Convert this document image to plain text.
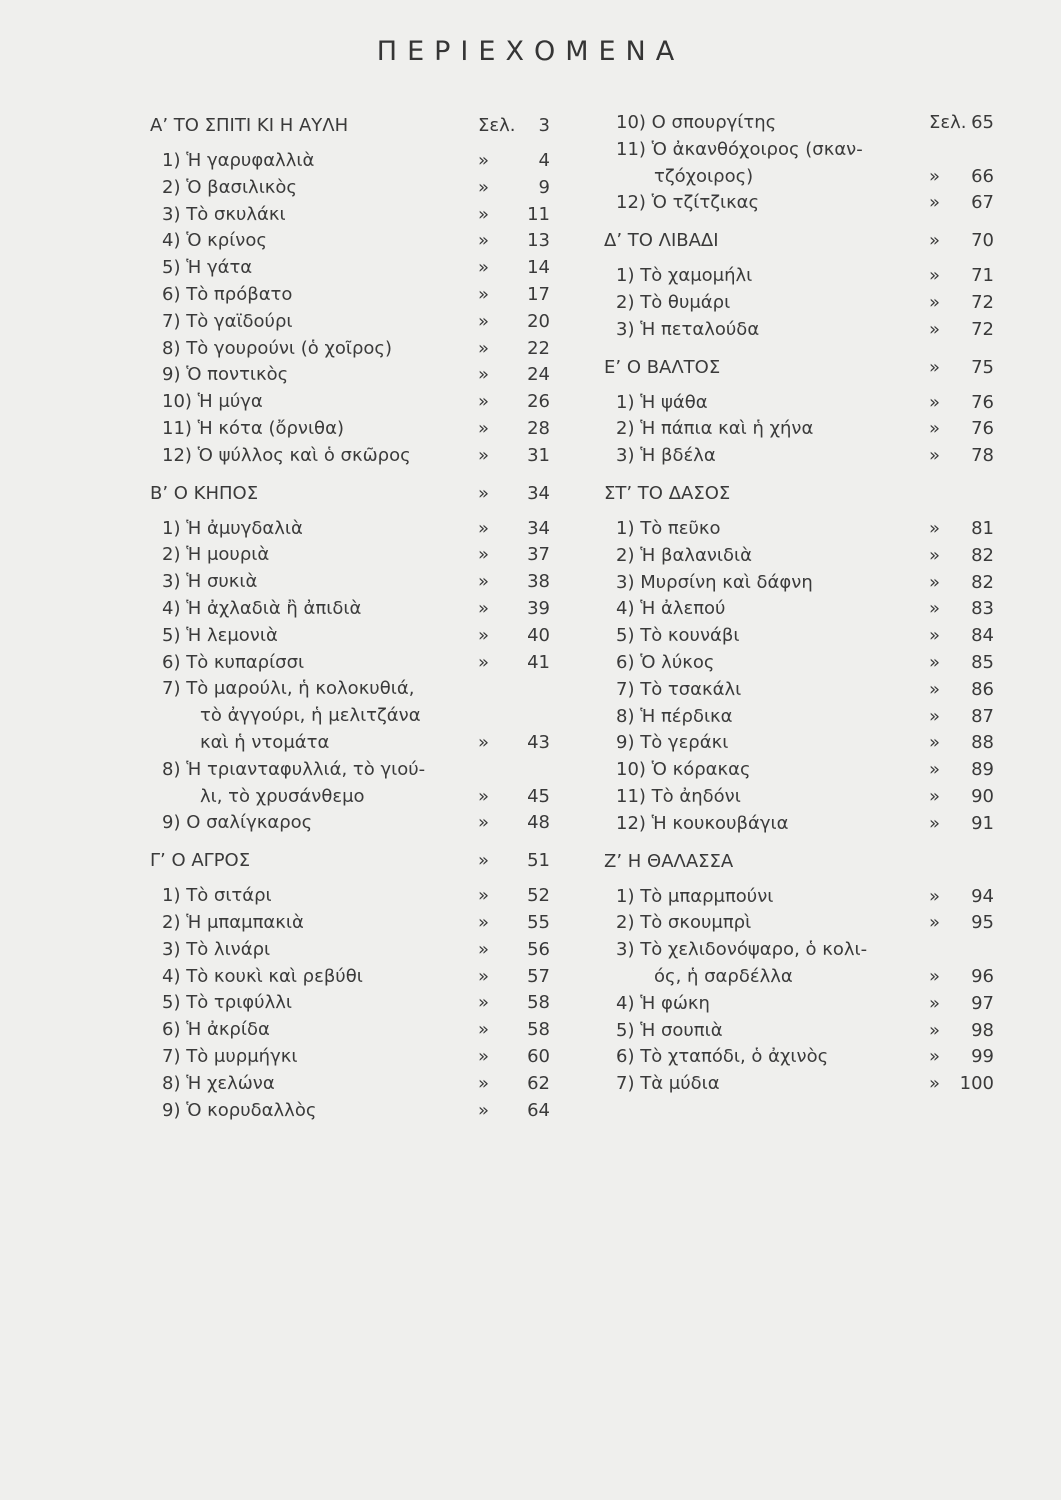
ΠΕΡΙΕΧΟΜΕΝΑ
Α’ ΤΟ ΣΠΙΤΙ ΚΙ Η ΑΥΛΗ	Σελ. 3
1) Ἡ γαρυφαλλιὰ	»	4
2) Ὁ βασιλικὸς	»	9
3) Τὸ σκυλάκι	»	11
4) Ὁ κρίνος	»	13
5) Ἡ γάτα	»	14
6) Τὸ πρόβατο	»	17
7) Τὸ γαϊδούρι	»	20
8) Τὸ γουρούνι (ὁ χοῖρος)	»	22
9) Ὁ ποντικὸς	»	24
10) Ἡ μύγα	»	26
11) Ἡ κότα (ὄρνιθα)	»	28
12) Ὁ ψύλλος καὶ ὁ σκῶρος	»	31
Β’ Ο ΚΗΠΟΣ	»	34
1) Ἡ ἀμυγδαλιὰ	»	34
2) Ἡ μουριὰ	»	37
3) Ἡ συκιὰ	»	38
4) Ἡ ἀχλαδιὰ ἢ ἀπιδιὰ	»	39
5) Ἡ λεμονιὰ	»	40
6) Τὸ κυπαρίσσι	»	41
7) Τὸ μαρούλι, ἡ κολοκυθιά,
τὸ ἀγγούρι, ἡ μελιτζάνα
καὶ ἡ ντομάτα	»	43
8) Ἡ τριανταφυλλιά, τὸ γιού-
λι, τὸ χρυσάνθεμο	»	45
9) Ο σαλίγκαρος	»	48
Γ’ Ο ΑΓΡΟΣ	»	51
1) Τὸ σιτάρι	»	52
2) Ἡ μπαμπακιὰ	»	55
3) Τὸ λινάρι	»	56
4) Τὸ κουκὶ καὶ ρεβύθι	»	57
5) Τὸ τριφύλλι	»	58
6) Ἡ ἀκρίδα	»	58
7) Τὸ μυρμήγκι	»	60
8) Ἡ χελώνα	»	62
9) Ὁ κορυδαλλὸς	»	64
10) Ο σπουργίτης	Σελ. 65
11) Ὁ ἀκανθόχοιρος (σκαν-
τζόχοιρος)	»	66
12) Ὁ τζίτζικας	»	67
Δ’ ΤΟ ΛΙΒΑΔΙ	»	70
1) Τὸ χαμομήλι	»	71
2) Τὸ θυμάρι	»	72
3) Ἡ πεταλούδα	»	72
Ε’ Ο ΒΑΛΤΟΣ	»	75
1) Ἡ ψάθα	»	76
2) Ἡ πάπια καὶ ἡ χήνα	»	76
3) Ἡ βδέλα	»	78
ΣΤ’ ΤΟ ΔΑΣΟΣ
1) Τὸ πεῦκο	»	81
2) Ἡ βαλανιδιὰ	»	82
3) Μυρσίνη καὶ δάφνη	»	82
4) Ἡ ἀλεπού	»	83
5) Τὸ κουνάβι	»	84
6) Ὁ λύκος	»	85
7) Τὸ τσακάλι	»	86
8) Ἡ πέρδικα	»	87
9) Τὸ γεράκι	»	88
10) Ὁ κόρακας	»	89
11) Τὸ ἀηδόνι	»	90
12) Ἡ κουκουβάγια	»	91
Ζ’ Η ΘΑΛΑΣΣΑ
1) Τὸ μπαρμπούνι	»	94
2) Τὸ σκουμπρὶ	»	95
3) Τὸ χελιδονόψαρο, ὁ κολι-
ός, ἡ σαρδέλλα	»	96
4) Ἡ φώκη	»	97
5) Ἡ σουπιὰ	»	98
6) Τὸ χταπόδι, ὁ ἀχινὸς	»	99
7) Τὰ μύδια	»	100
